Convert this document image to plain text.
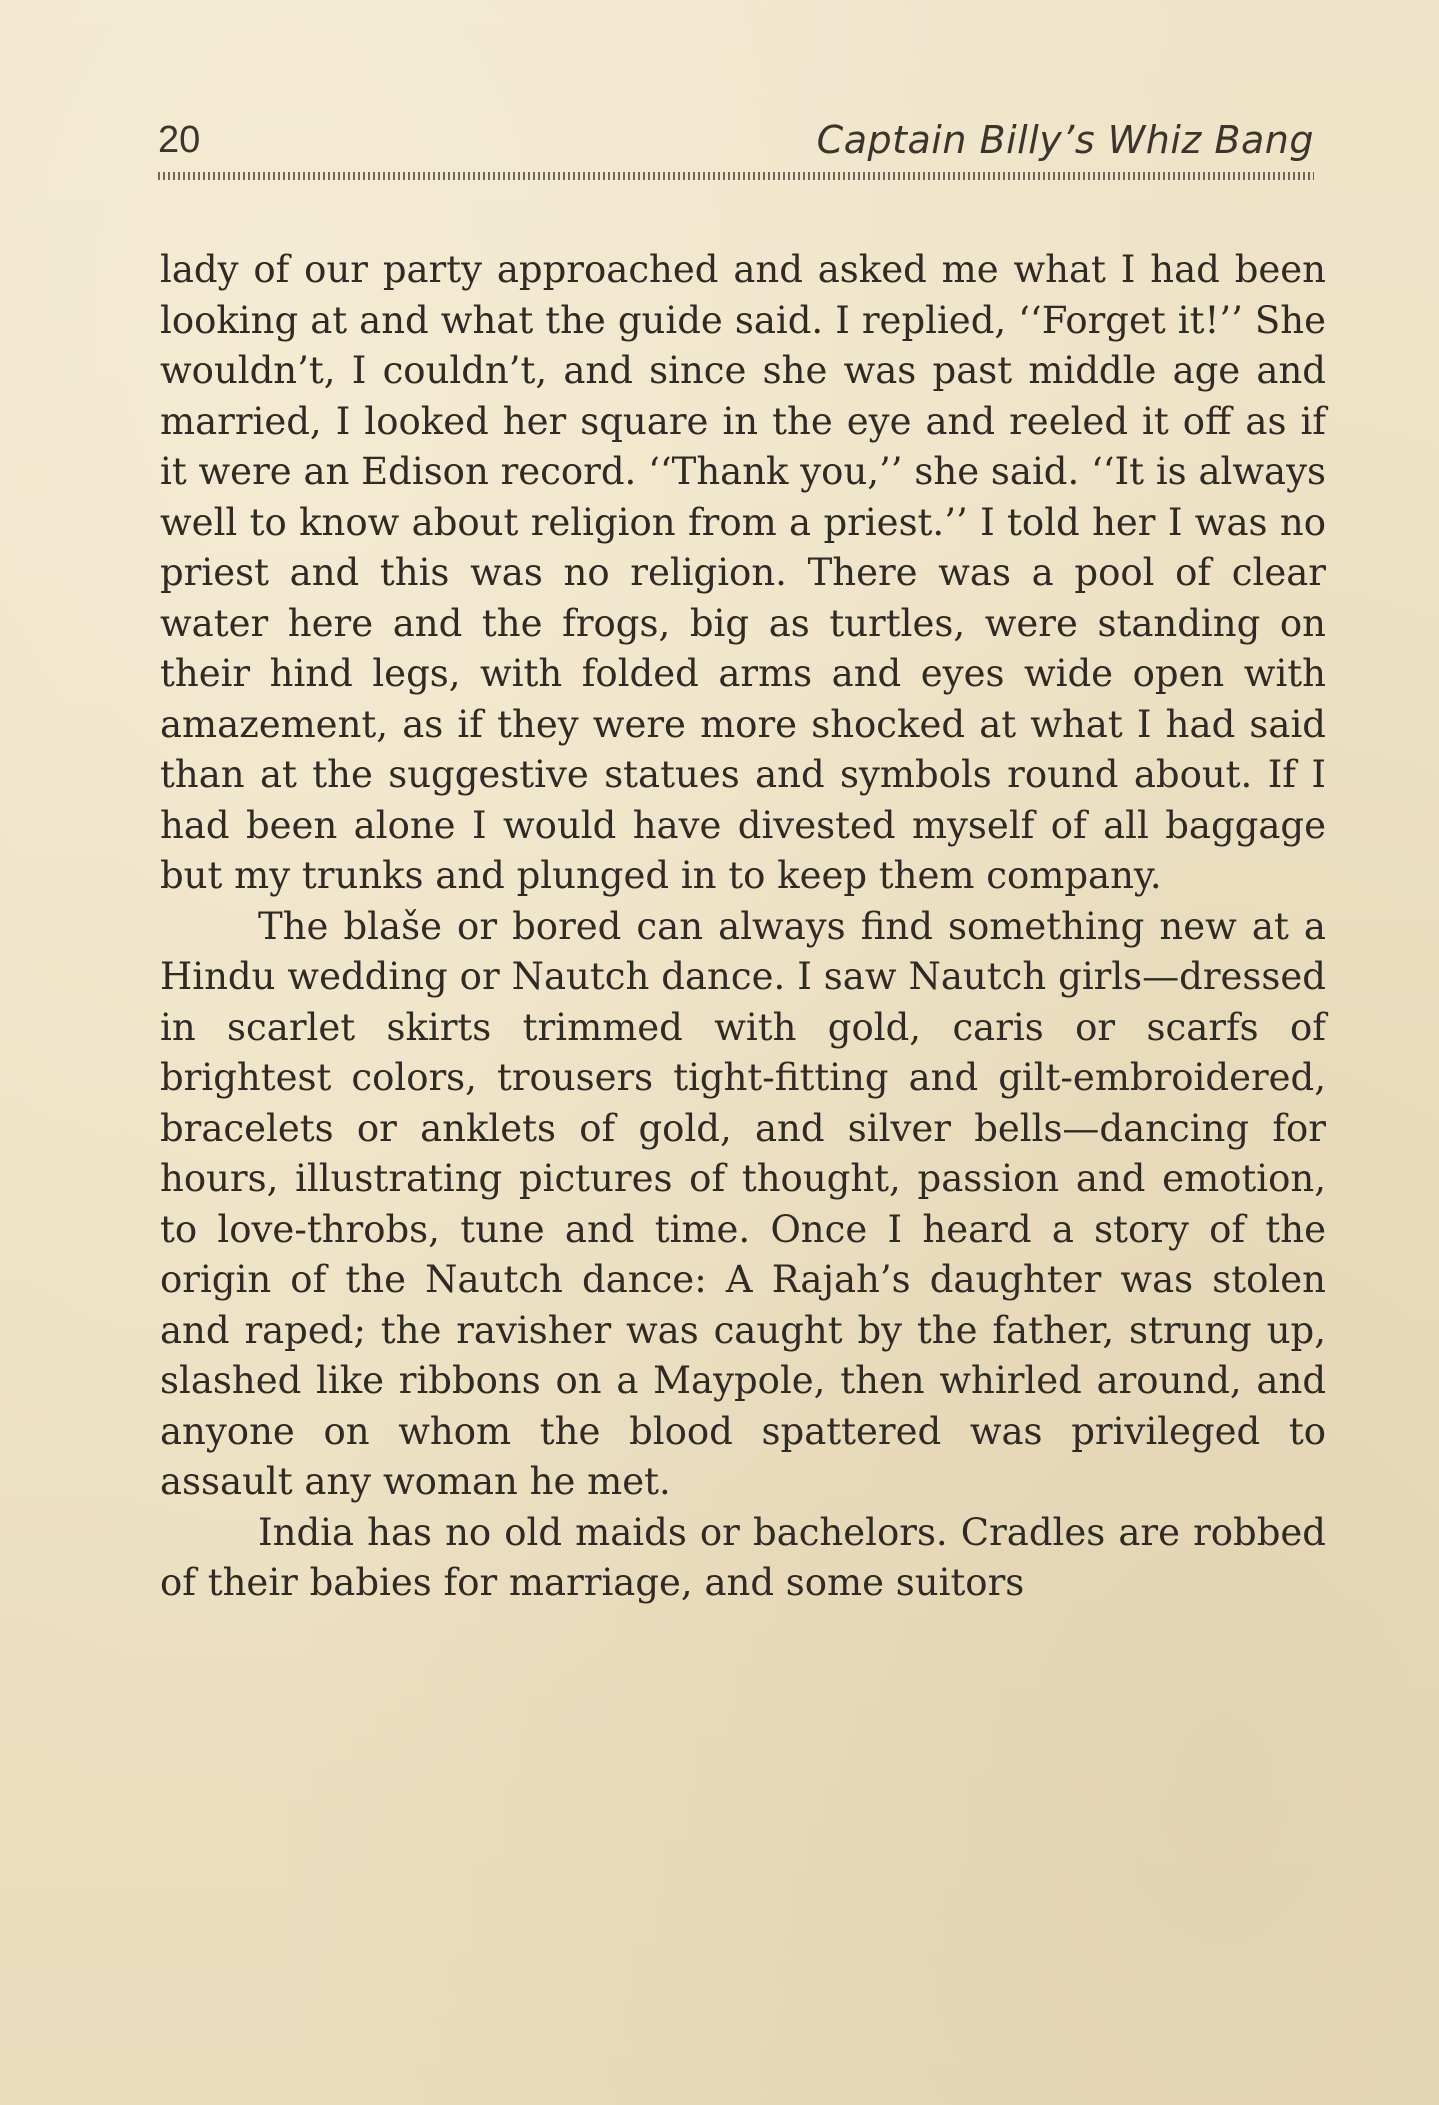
20	Captain Billy’s Whiz Bang

lady of our party approached and asked me what I had been looking at and what the guide said. I replied, ‘‘Forget it!’’ She wouldn’t, I couldn’t, and since she was past middle age and married, I looked her square in the eye and reeled it off as if it were an Edison record. ‘‘Thank you,’’ she said. ‘‘It is always well to know about religion from a priest.’’ I told her I was no priest and this was no religion. There was a pool of clear water here and the frogs, big as turtles, were standing on their hind legs, with folded arms and eyes wide open with amazement, as if they were more shocked at what I had said than at the suggestive statues and symbols round about. If I had been alone I would have divested myself of all baggage but my trunks and plunged in to keep them company.

The blaše or bored can always find something new at a Hindu wedding or Nautch dance. I saw Nautch girls—dressed in scarlet skirts trimmed with gold, caris or scarfs of brightest colors, trousers tight-fitting and gilt-embroidered, bracelets or anklets of gold, and silver bells—dancing for hours, illustrating pictures of thought, passion and emotion, to love-throbs, tune and time. Once I heard a story of the origin of the Nautch dance: A Rajah’s daughter was stolen and raped; the ravisher was caught by the father, strung up, slashed like ribbons on a Maypole, then whirled around, and anyone on whom the blood spattered was privileged to assault any woman he met.

India has no old maids or bachelors. Cradles are robbed of their babies for marriage, and some suitors
